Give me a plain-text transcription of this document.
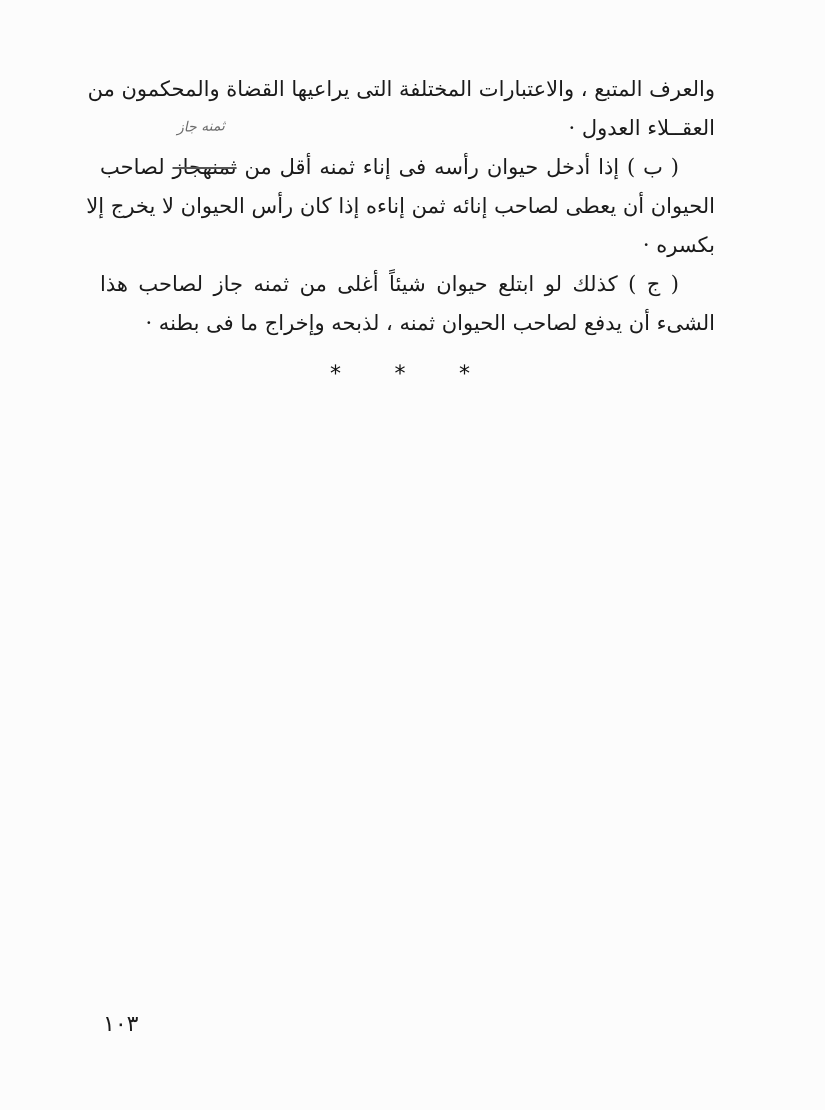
ثمنه جاز

والعرف المتبع ، والاعتبارات المختلفة التى يراعيها القضاة والمحكمون من
العقــلاء العدول ·

( ب ) إذا أدخل حيوان رأسه فى إناء ثمنه أقل من ثمنهجاز لصاحب
الحيوان أن يعطى لصاحب إنائه ثمن إناءه إذا كان رأس الحيوان لا يخرج إلا
بكسره ·

( ج ) كذلك لو ابتلع حيوان شيئاً أغلى من ثمنه جاز لصاحب هذا
الشىء أن يدفع لصاحب الحيوان ثمنه ، لذبحه وإخراج ما فى بطنه ·

* * *
١٠٣
